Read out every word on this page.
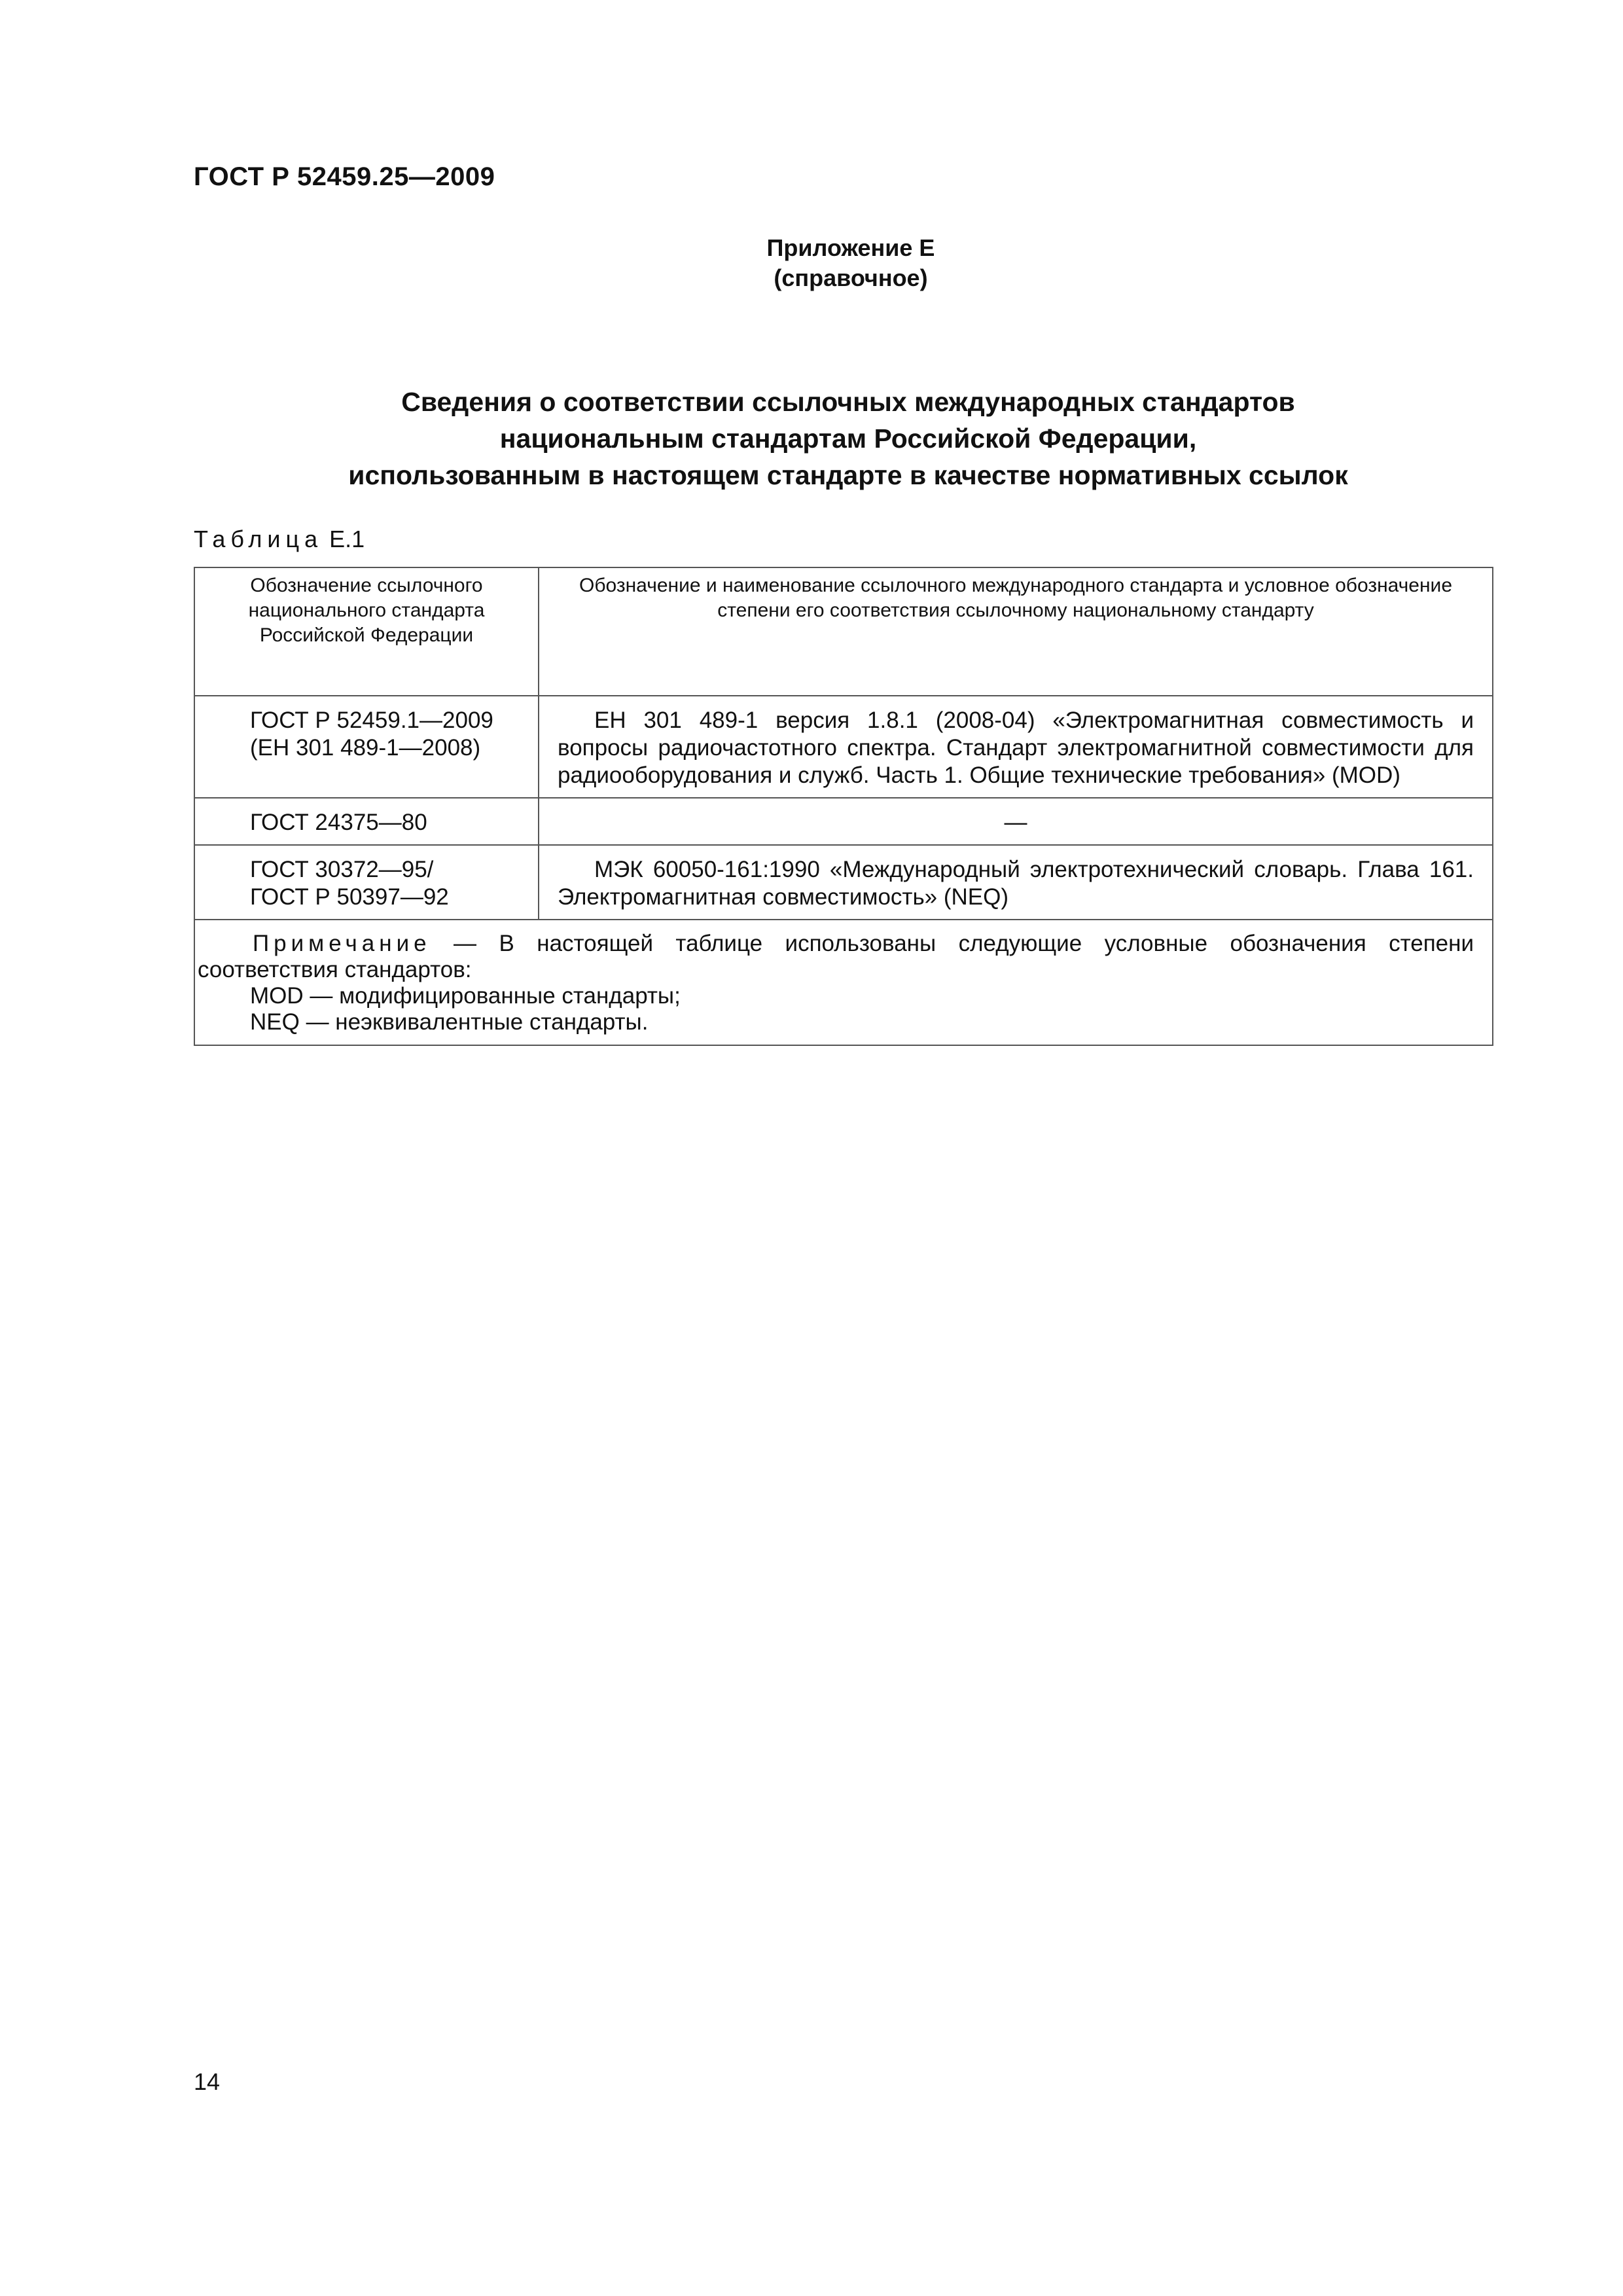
ГОСТ Р 52459.25—2009
Приложение Е
(справочное)
Сведения о соответствии ссылочных международных стандартов
национальным стандартам Российской Федерации,
использованным в настоящем стандарте в качестве нормативных ссылок
Таблица Е.1
Обозначение ссылочного национального стандарта Российской Федерации	Обозначение и наименование ссылочного международного стандарта и условное обозначение степени его соответствия ссылочному национальному стандарту

ГОСТ Р 52459.1—2009
(ЕН 301 489-1—2008)	ЕН 301 489-1 версия 1.8.1 (2008-04) «Электромагнитная совместимость и вопросы радиочастотного спектра. Стандарт электромагнитной совместимости для радиооборудования и служб. Часть 1. Общие технические требования» (MOD)

ГОСТ 24375—80	—

ГОСТ 30372—95/
ГОСТ Р 50397—92	МЭК 60050-161:1990 «Международный электротехнический словарь. Глава 161. Электромагнитная совместимость» (NEQ)

Примечание — В настоящей таблице использованы следующие условные обозначения степени соответствия стандартов:
MOD — модифицированные стандарты;
NEQ — неэквивалентные стандарты.	
14
